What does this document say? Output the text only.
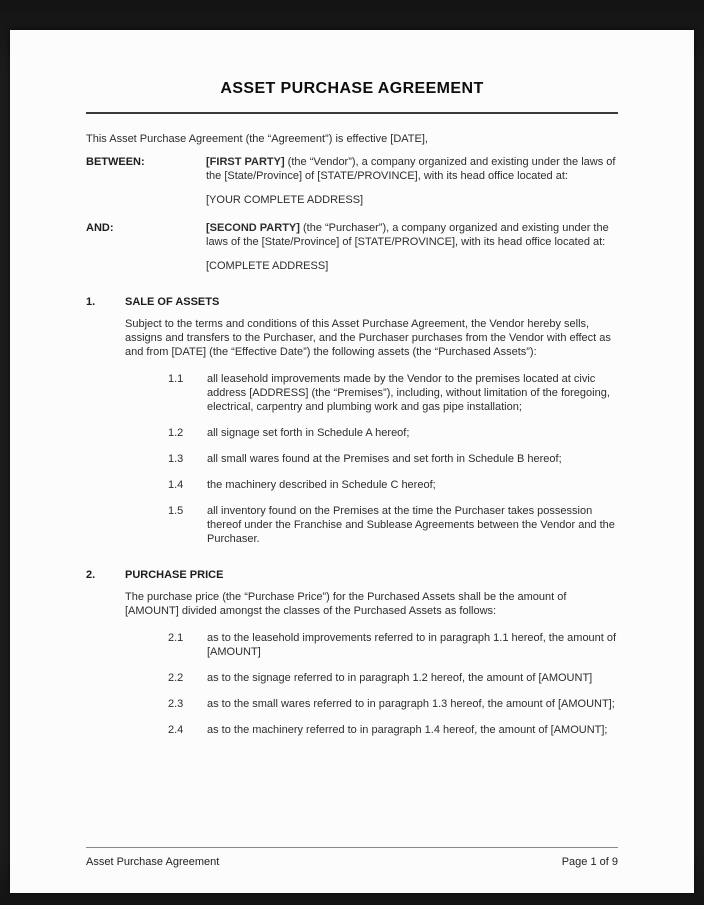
ASSET PURCHASE AGREEMENT

This Asset Purchase Agreement (the “Agreement”) is effective [DATE],

BETWEEN:	[FIRST PARTY] (the “Vendor”), a company organized and existing under the laws of the [State/Province] of [STATE/PROVINCE], with its head office located at:

[YOUR COMPLETE ADDRESS]

AND:	[SECOND PARTY] (the “Purchaser”), a company organized and existing under the laws of the [State/Province] of [STATE/PROVINCE], with its head office located at:

[COMPLETE ADDRESS]

1.	SALE OF ASSETS

Subject to the terms and conditions of this Asset Purchase Agreement, the Vendor hereby sells, assigns and transfers to the Purchaser, and the Purchaser purchases from the Vendor with effect as and from [DATE] (the “Effective Date”) the following assets (the “Purchased Assets”):

1.1	all leasehold improvements made by the Vendor to the premises located at civic address [ADDRESS] (the “Premises”), including, without limitation of the foregoing, electrical, carpentry and plumbing work and gas pipe installation;

1.2	all signage set forth in Schedule A hereof;

1.3	all small wares found at the Premises and set forth in Schedule B hereof;

1.4	the machinery described in Schedule C hereof;

1.5	all inventory found on the Premises at the time the Purchaser takes possession thereof under the Franchise and Sublease Agreements between the Vendor and the Purchaser.

2.	PURCHASE PRICE

The purchase price (the “Purchase Price”) for the Purchased Assets shall be the amount of [AMOUNT] divided amongst the classes of the Purchased Assets as follows:

2.1	as to the leasehold improvements referred to in paragraph 1.1 hereof, the amount of [AMOUNT]

2.2	as to the signage referred to in paragraph 1.2 hereof, the amount of [AMOUNT]

2.3	as to the small wares referred to in paragraph 1.3 hereof, the amount of [AMOUNT];

2.4	as to the machinery referred to in paragraph 1.4 hereof, the amount of [AMOUNT];

Asset Purchase Agreement	Page 1 of 9
